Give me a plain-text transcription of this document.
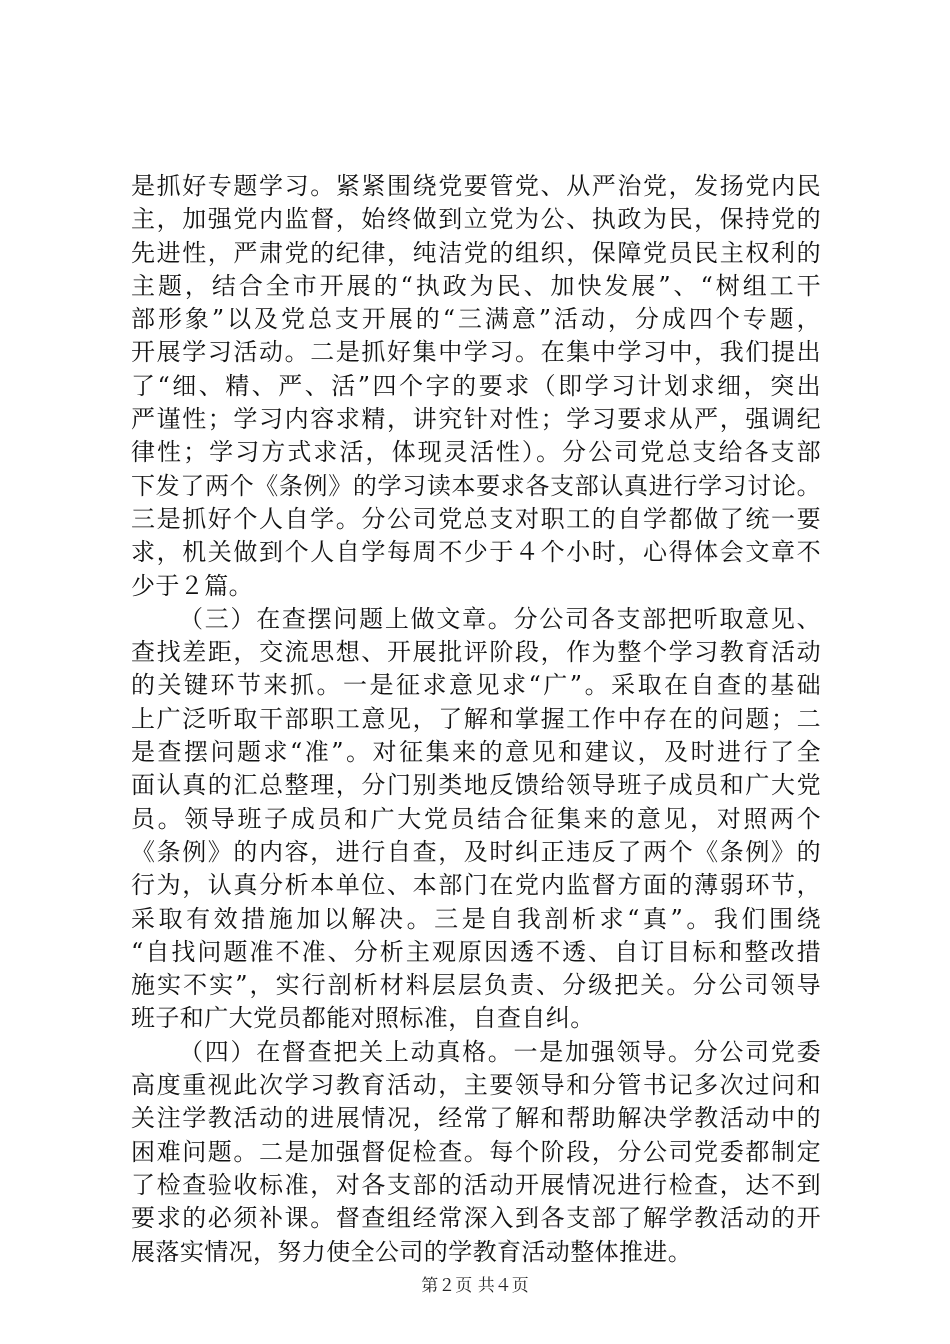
是抓好专题学习。紧紧围绕党要管党、从严治党，发扬党内民
主，加强党内监督，始终做到立党为公、执政为民，保持党的
先进性，严肃党的纪律，纯洁党的组织，保障党员民主权利的
主题，结合全市开展的“执政为民、加快发展”、“树组工干
部形象”以及党总支开展的“三满意”活动，分成四个专题，
开展学习活动。二是抓好集中学习。在集中学习中，我们提出
了“细、精、严、活”四个字的要求（即学习计划求细，突出
严谨性；学习内容求精，讲究针对性；学习要求从严，强调纪
律性；学习方式求活，体现灵活性）。分公司党总支给各支部
下发了两个《条例》的学习读本要求各支部认真进行学习讨论。
三是抓好个人自学。分公司党总支对职工的自学都做了统一要
求，机关做到个人自学每周不少于４个小时，心得体会文章不
少于２篇。
（三）在查摆问题上做文章。分公司各支部把听取意见、
查找差距，交流思想、开展批评阶段，作为整个学习教育活动
的关键环节来抓。一是征求意见求“广”。采取在自查的基础
上广泛听取干部职工意见，了解和掌握工作中存在的问题；二
是查摆问题求“准”。对征集来的意见和建议，及时进行了全
面认真的汇总整理，分门别类地反馈给领导班子成员和广大党
员。领导班子成员和广大党员结合征集来的意见，对照两个
《条例》的内容，进行自查，及时纠正违反了两个《条例》的
行为，认真分析本单位、本部门在党内监督方面的薄弱环节，
采取有效措施加以解决。三是自我剖析求“真”。我们围绕
“自找问题准不准、分析主观原因透不透、自订目标和整改措
施实不实”，实行剖析材料层层负责、分级把关。分公司领导
班子和广大党员都能对照标准，自查自纠。
（四）在督查把关上动真格。一是加强领导。分公司党委
高度重视此次学习教育活动，主要领导和分管书记多次过问和
关注学教活动的进展情况，经常了解和帮助解决学教活动中的
困难问题。二是加强督促检查。每个阶段，分公司党委都制定
了检查验收标准，对各支部的活动开展情况进行检查，达不到
要求的必须补课。督查组经常深入到各支部了解学教活动的开
展落实情况，努力使全公司的学教育活动整体推进。
第２页 共４页
